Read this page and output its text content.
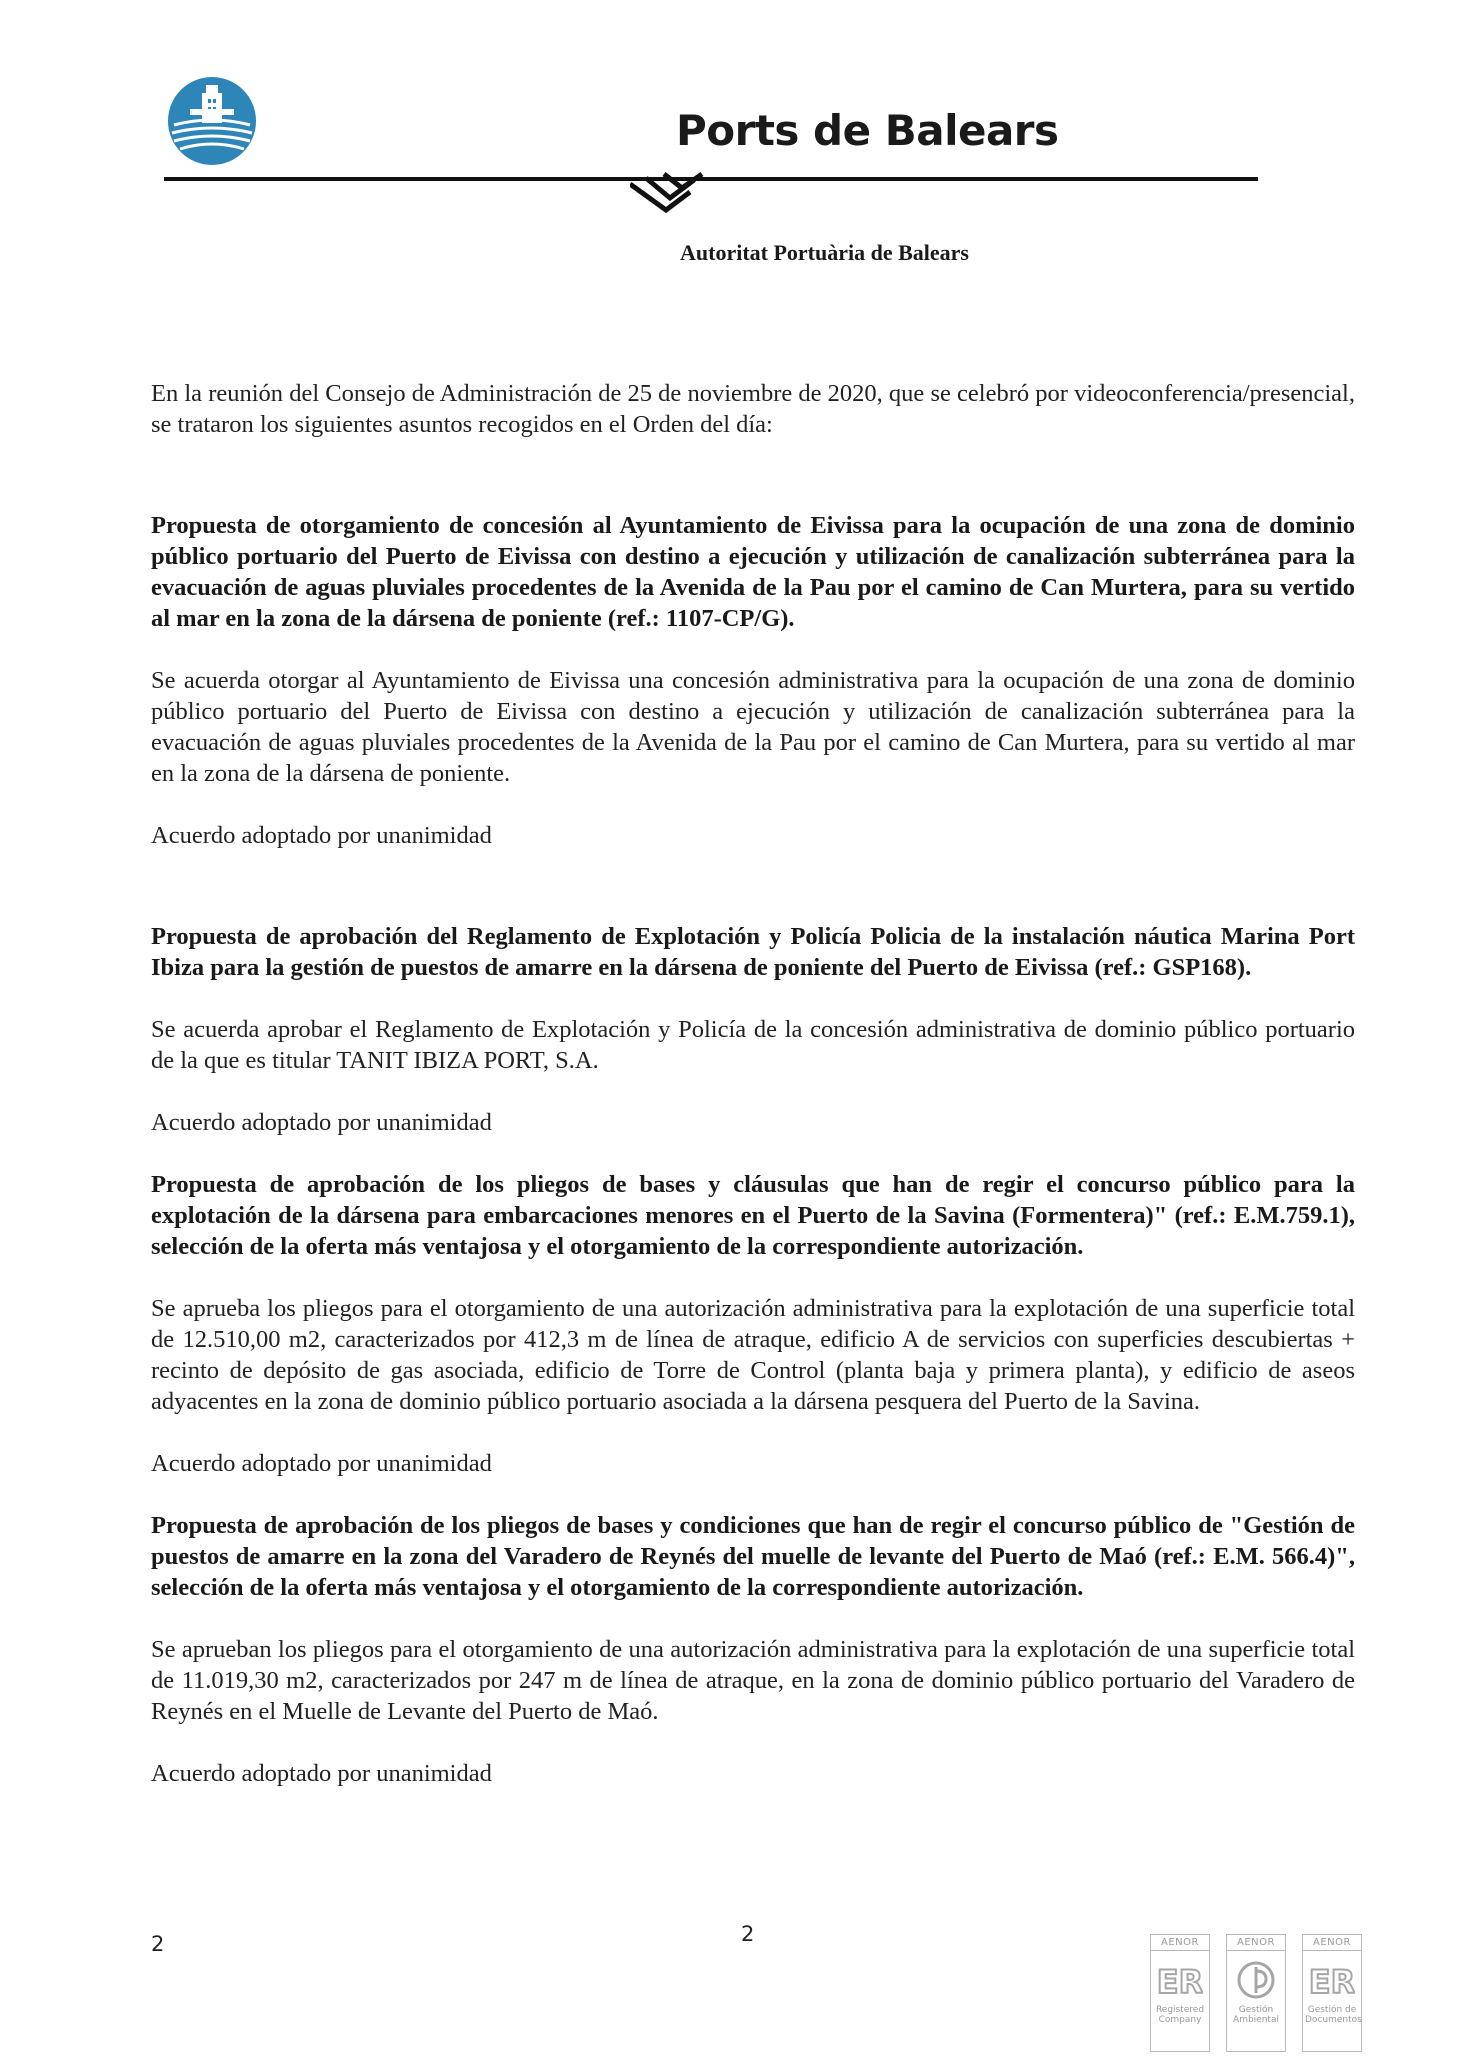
Ports de Balears
Autoritat Portuària de Balears

En la reunión del Consejo de Administración de 25 de noviembre de 2020, que se celebró por videoconferencia/presencial, se trataron los siguientes asuntos recogidos en el Orden del día:

Propuesta de otorgamiento de concesión al Ayuntamiento de Eivissa para la ocupación de una zona de dominio público portuario del Puerto de Eivissa con destino a ejecución y utilización de canalización subterránea para la evacuación de aguas pluviales procedentes de la Avenida de la Pau por el camino de Can Murtera, para su vertido al mar en la zona de la dársena de poniente (ref.: 1107-CP/G).

Se acuerda otorgar al Ayuntamiento de Eivissa una concesión administrativa para la ocupación de una zona de dominio público portuario del Puerto de Eivissa con destino a ejecución y utilización de canalización subterránea para la evacuación de aguas pluviales procedentes de la Avenida de la Pau por el camino de Can Murtera, para su vertido al mar en la zona de la dársena de poniente.

Acuerdo adoptado por unanimidad

Propuesta de aprobación del Reglamento de Explotación y Policía Policia de la instalación náutica Marina Port Ibiza para la gestión de puestos de amarre en la dársena de poniente del Puerto de Eivissa (ref.: GSP168).

Se acuerda aprobar el Reglamento de Explotación y Policía de la concesión administrativa de dominio público portuario de la que es titular TANIT IBIZA PORT, S.A.

Acuerdo adoptado por unanimidad

Propuesta de aprobación de los pliegos de bases y cláusulas que han de regir el concurso público para la explotación de la dársena para embarcaciones menores en el Puerto de la Savina (Formentera)" (ref.: E.M.759.1), selección de la oferta más ventajosa y el otorgamiento de la correspondiente autorización.

Se aprueba los pliegos para el otorgamiento de una autorización administrativa para la explotación de una superficie total de 12.510,00 m2, caracterizados por 412,3 m de línea de atraque, edificio A de servicios con superficies descubiertas + recinto de depósito de gas asociada, edificio de Torre de Control (planta baja y primera planta), y edificio de aseos adyacentes en la zona de dominio público portuario asociada a la dársena pesquera del Puerto de la Savina.

Acuerdo adoptado por unanimidad

Propuesta de aprobación de los pliegos de bases y condiciones que han de regir el concurso público de "Gestión de puestos de amarre en la zona del Varadero de Reynés del muelle de levante del Puerto de Maó (ref.: E.M. 566.4)", selección de la oferta más ventajosa y el otorgamiento de la correspondiente autorización.

Se aprueban los pliegos para el otorgamiento de una autorización administrativa para la explotación de una superficie total de 11.019,30 m2, caracterizados por 247 m de línea de atraque, en la zona de dominio público portuario del Varadero de Reynés en el Muelle de Levante del Puerto de Maó.

Acuerdo adoptado por unanimidad

2	2	AENOR
ER
Registered Company
AENOR
Gestión Ambiental
AENOR
ER
Gestión de Documentos
